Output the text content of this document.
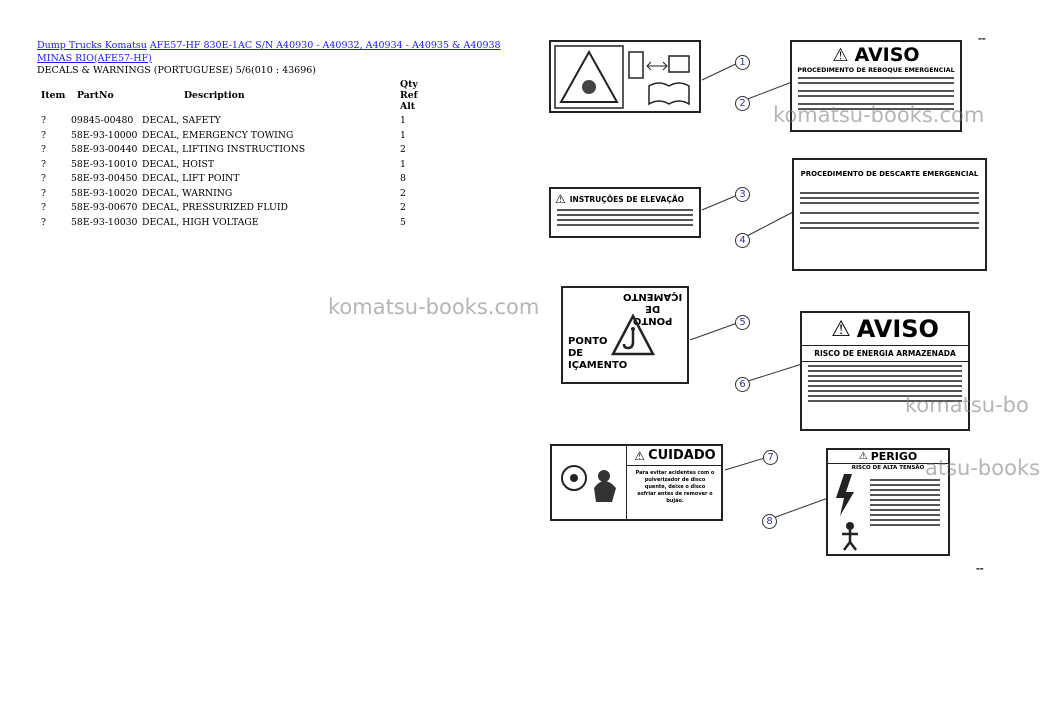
Dump Trucks Komatsu AFE57-HF 830E-1AC S/N A40930 - A40932, A40934 - A40935 & A40938
MINAS RIO(AFE57-HF)
DECALS & WARNINGS (PORTUGUESE) 5/6(010 : 43696)
Item	PartNo	Description	Qty Ref Alt
?	09845-00480	DECAL, SAFETY	1
?	58E-93-10000	DECAL, EMERGENCY TOWING	1
?	58E-93-00440	DECAL, LIFTING INSTRUCTIONS	2
?	58E-93-10010	DECAL, HOIST	1
?	58E-93-00450	DECAL, LIFT POINT	8
?	58E-93-10020	DECAL, WARNING	2
?	58E-93-00670	DECAL, PRESSURIZED FLUID	2
?	58E-93-10030	DECAL, HIGH VOLTAGE	5
⚠ AVISO
PROCEDIMENTO DE REBOQUE EMERGENCIAL
⚠ INSTRUÇÕES DE ELEVAÇÃO
PROCEDIMENTO DE DESCARTE EMERGENCIAL
PONTO
DE
IÇAMENTO
PONTO
DE
IÇAMENTO
⚠ AVISO
RISCO DE ENERGIA ARMAZENADA
⚠ CUIDADO
Para evitar acidentes com o pulverizador de disco quente, deixe o disco esfriar antes de remover o bujão.
⚠ PERIGO
RISCO DE ALTA TENSÃO
1
2
3
4
5
6
7
8
▬▬
▬▬
komatsu-books.com
komatsu-books.com
komatsu-bo
atsu-books
